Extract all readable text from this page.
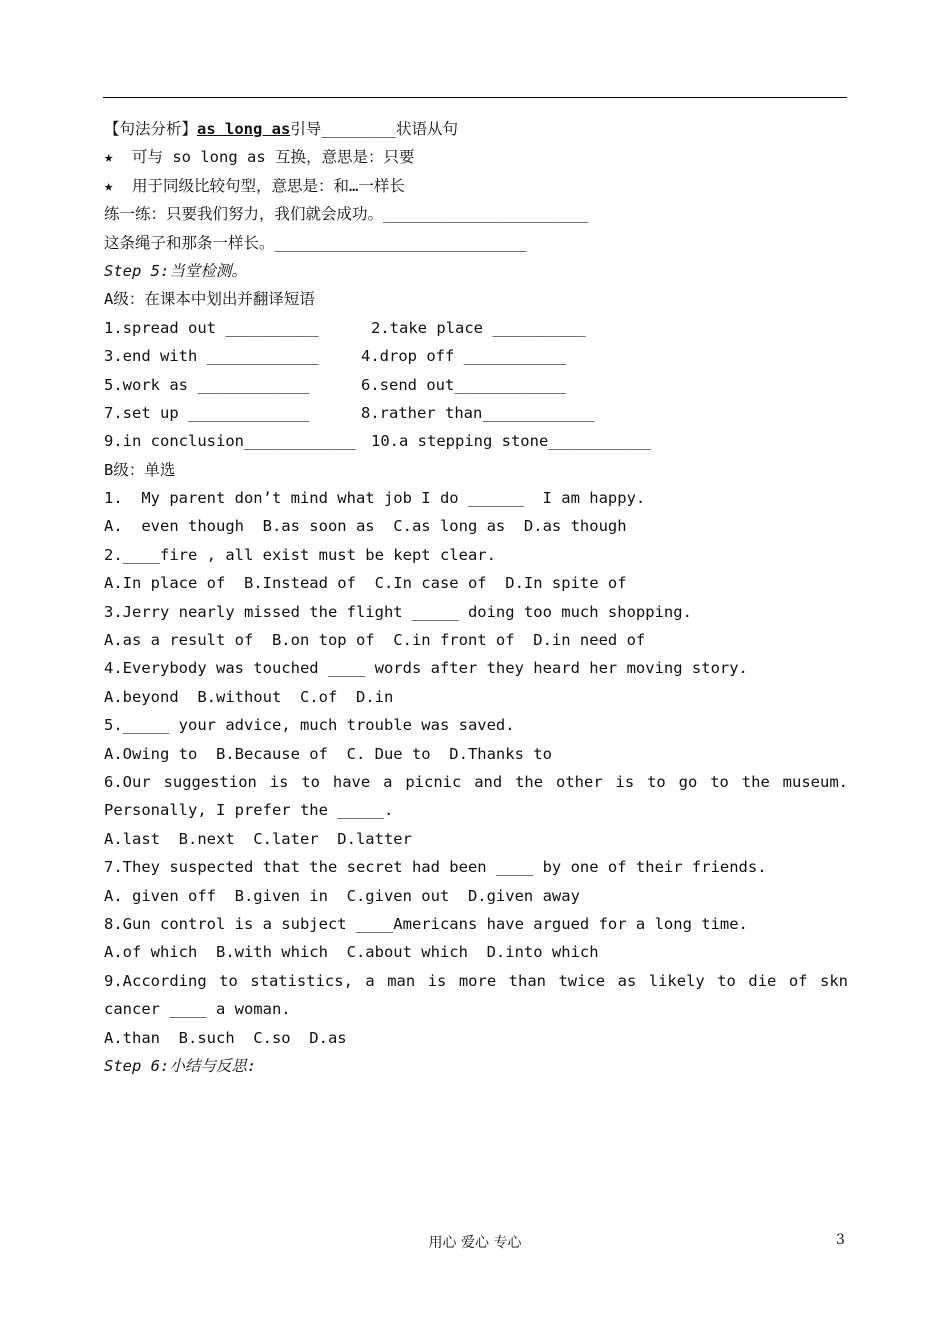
【句法分析】as long as引导________状语从句
★  可与 so long as 互换，意思是：只要
★  用于同级比较句型，意思是：和…一样长
练一练：只要我们努力，我们就会成功。______________________
这条绳子和那条一样长。___________________________
Step 5:当堂检测。
A级：在课本中划出并翻译短语
1.spread out __________	2.take place __________
3.end with ____________	4.drop off ___________
5.work as ____________	6.send out____________
7.set up _____________	8.rather than____________
9.in conclusion____________ 10.a stepping stone___________
B级：单选
1.  My parent don’t mind what job I do ______  I am happy.
A.  even though  B.as soon as  C.as long as  D.as though
2.____fire , all exist must be kept clear.
A.In place of  B.Instead of  C.In case of  D.In spite of
3.Jerry nearly missed the flight _____ doing too much shopping.
A.as a result of  B.on top of  C.in front of  D.in need of
4.Everybody was touched ____ words after they heard her moving story.
A.beyond  B.without  C.of  D.in
5._____ your advice, much trouble was saved.
A.Owing to  B.Because of  C. Due to  D.Thanks to
6.Our suggestion is to have a picnic and the other is to go to the museum.
Personally, I prefer the _____.
A.last  B.next  C.later  D.latter
7.They suspected that the secret had been ____ by one of their friends.
A. given off  B.given in  C.given out  D.given away
8.Gun control is a subject ____Americans have argued for a long time.
A.of which  B.with which  C.about which  D.into which
9.According to statistics, a man is more than twice as likely to die of skn
cancer ____ a woman.
A.than  B.such  C.so  D.as
Step 6:小结与反思:
用心 爱心 专心	3
